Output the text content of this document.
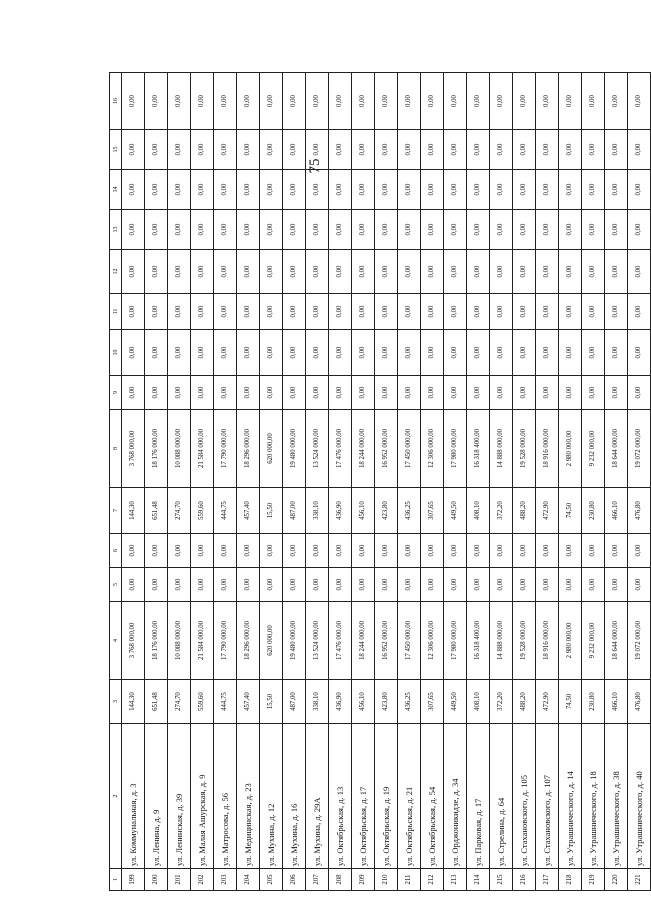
75
1	2	3	4	5	6	7	8	9	10	11	12	13	14	15	16
199	ул. Коммунальная, д. 3	144,30	3 768 000,00	0,00	0,00	144,30	3 768 000,00	0,00	0,00	0,00	0,00	0,00	0,00	0,00	0,00
200	ул. Ленина, д. 9	651,48	18 176 000,00	0,00	0,00	651,48	18 176 000,00	0,00	0,00	0,00	0,00	0,00	0,00	0,00	0,00
201	ул. Ленинская, д. 39	274,70	10 088 000,00	0,00	0,00	274,70	10 088 000,00	0,00	0,00	0,00	0,00	0,00	0,00	0,00	0,00
202	ул. Малая Ашурская, д. 9	559,60	21 584 000,00	0,00	0,00	559,60	21 584 000,00	0,00	0,00	0,00	0,00	0,00	0,00	0,00	0,00
203	ул. Матросова, д. 56	444,75	17 790 000,00	0,00	0,00	444,75	17 790 000,00	0,00	0,00	0,00	0,00	0,00	0,00	0,00	0,00
204	ул. Медицинская, д. 23	457,40	18 296 000,00	0,00	0,00	457,40	18 296 000,00	0,00	0,00	0,00	0,00	0,00	0,00	0,00	0,00
205	ул. Мухина, д. 12	15,50	620 000,00	0,00	0,00	15,50	620 000,00	0,00	0,00	0,00	0,00	0,00	0,00	0,00	0,00
206	ул. Мухина, д. 16	487,00	19 480 000,00	0,00	0,00	487,00	19 480 000,00	0,00	0,00	0,00	0,00	0,00	0,00	0,00	0,00
207	ул. Мухина, д. 29А	338,10	13 524 000,00	0,00	0,00	338,10	13 524 000,00	0,00	0,00	0,00	0,00	0,00	0,00	0,00	0,00
208	ул. Октябрьская, д. 13	436,90	17 476 000,00	0,00	0,00	436,90	17 476 000,00	0,00	0,00	0,00	0,00	0,00	0,00	0,00	0,00
209	ул. Октябрьская, д. 17	456,10	18 244 000,00	0,00	0,00	456,10	18 244 000,00	0,00	0,00	0,00	0,00	0,00	0,00	0,00	0,00
210	ул. Октябрьская, д. 19	423,80	16 952 000,00	0,00	0,00	423,80	16 952 000,00	0,00	0,00	0,00	0,00	0,00	0,00	0,00	0,00
211	ул. Октябрьская, д. 21	436,25	17 450 000,00	0,00	0,00	436,25	17 450 000,00	0,00	0,00	0,00	0,00	0,00	0,00	0,00	0,00
212	ул. Октябрьская, д. 54	307,65	12 306 000,00	0,00	0,00	307,65	12 306 000,00	0,00	0,00	0,00	0,00	0,00	0,00	0,00	0,00
213	ул. Орджоникидзе, д. 34	449,50	17 980 000,00	0,00	0,00	449,50	17 980 000,00	0,00	0,00	0,00	0,00	0,00	0,00	0,00	0,00
214	ул. Парковая, д. 17	408,10	16 318 400,00	0,00	0,00	408,10	16 318 400,00	0,00	0,00	0,00	0,00	0,00	0,00	0,00	0,00
215	ул. Стрелина, д. 64	372,20	14 888 000,00	0,00	0,00	372,20	14 888 000,00	0,00	0,00	0,00	0,00	0,00	0,00	0,00	0,00
216	ул. Стахановского, д. 105	488,20	19 528 000,00	0,00	0,00	488,20	19 528 000,00	0,00	0,00	0,00	0,00	0,00	0,00	0,00	0,00
217	ул. Стахановского, д. 107	472,90	18 916 000,00	0,00	0,00	472,90	18 916 000,00	0,00	0,00	0,00	0,00	0,00	0,00	0,00	0,00
218	ул. Утрашнического, д. 14	74,50	2 980 000,00	0,00	0,00	74,50	2 980 000,00	0,00	0,00	0,00	0,00	0,00	0,00	0,00	0,00
219	ул. Утрашнического, д. 18	230,80	9 232 000,00	0,00	0,00	230,80	9 232 000,00	0,00	0,00	0,00	0,00	0,00	0,00	0,00	0,00
220	ул. Утрашнического, д. 38	466,10	18 644 000,00	0,00	0,00	466,10	18 644 000,00	0,00	0,00	0,00	0,00	0,00	0,00	0,00	0,00
221	ул. Утрашнического, д. 40	476,80	19 072 000,00	0,00	0,00	476,80	19 072 000,00	0,00	0,00	0,00	0,00	0,00	0,00	0,00	0,00
